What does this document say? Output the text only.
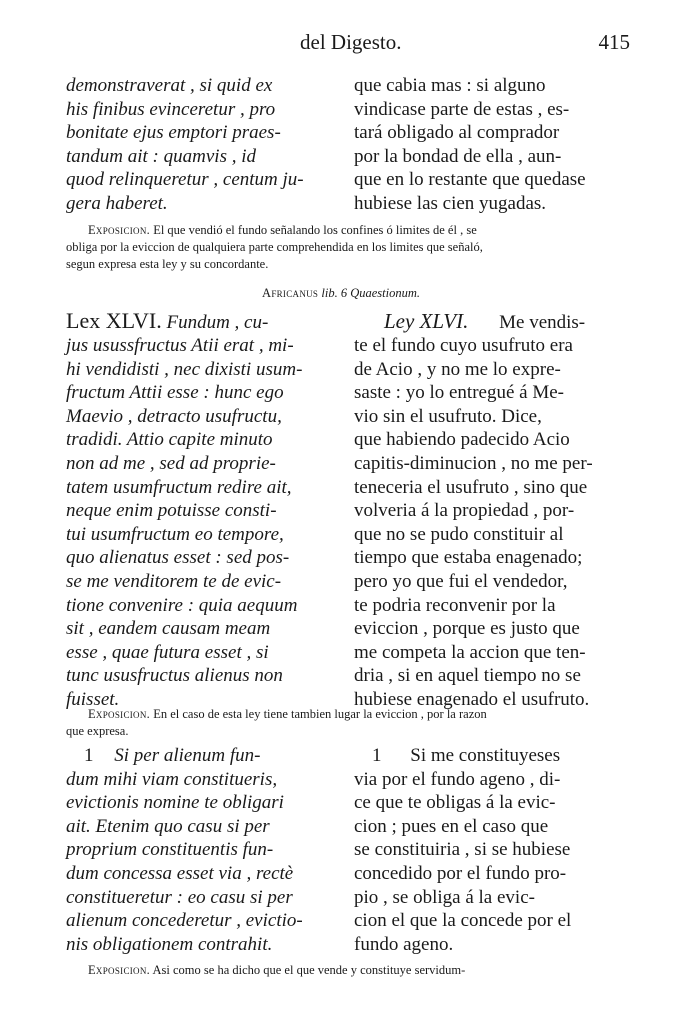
del Digesto.	415
demonstraverat , si quid ex
his finibus evinceretur , pro
bonitate ejus emptori praes-
tandum ait : quamvis , id
quod relinqueretur , centum ju-
gera haberet.
que cabia mas : si alguno
vindicase parte de estas , es-
tará obligado al comprador
por la bondad de ella , aun-
que en lo restante que quedase
hubiese las cien yugadas.
Exposicion. El que vendió el fundo señalando los confines ó limites de él , se
obliga por la eviccion de qualquiera parte comprehendida en los limites que señaló,
segun expresa esta ley y su concordante.
Africanus lib. 6 Quaestionum.
Lex XLVI. Fundum , cu-
jus usussfructus Atii erat , mi-
hi vendidisti , nec dixisti usum-
fructum Attii esse : hunc ego
Maevio , detracto usufructu,
tradidi. Attio capite minuto
non ad me , sed ad proprie-
tatem usumfructum redire ait,
neque enim potuisse consti-
tui usumfructum eo tempore,
quo alienatus esset : sed pos-
se me venditorem te de evic-
tione convenire : quia aequum
sit , eandem causam meam
esse , quae futura esset , si
tunc ususfructus alienus non
fuisset.
Ley XLVI. Me vendis-
te el fundo cuyo usufruto era
de Acio , y no me lo expre-
saste : yo lo entregué á Me-
vio sin el usufruto. Dice,
que habiendo padecido Acio
capitis-diminucion , no me per-
teneceria el usufruto , sino que
volveria á la propiedad , por-
que no se pudo constituir al
tiempo que estaba enagenado;
pero yo que fui el vendedor,
te podria reconvenir por la
eviccion , porque es justo que
me competa la accion que ten-
dria , si en aquel tiempo no se
hubiese enagenado el usufruto.
Exposicion. En el caso de esta ley tiene tambien lugar la eviccion , por la razon
que expresa.
1 Si per alienum fun-
dum mihi viam constitueris,
evictionis nomine te obligari
ait. Etenim quo casu si per
proprium constituentis fun-
dum concessa esset via , rectè
constitueretur : eo casu si per
alienum concederetur , evictio-
nis obligationem contrahit.
1 Si me constituyeses
via por el fundo ageno , di-
ce que te obligas á la evic-
cion ; pues en el caso que
se constituiria , si se hubiese
concedido por el fundo pro-
pio , se obliga á la evic-
cion el que la concede por el
fundo ageno.
Exposicion. Asi como se ha dicho que el que vende y constituye servidum-
